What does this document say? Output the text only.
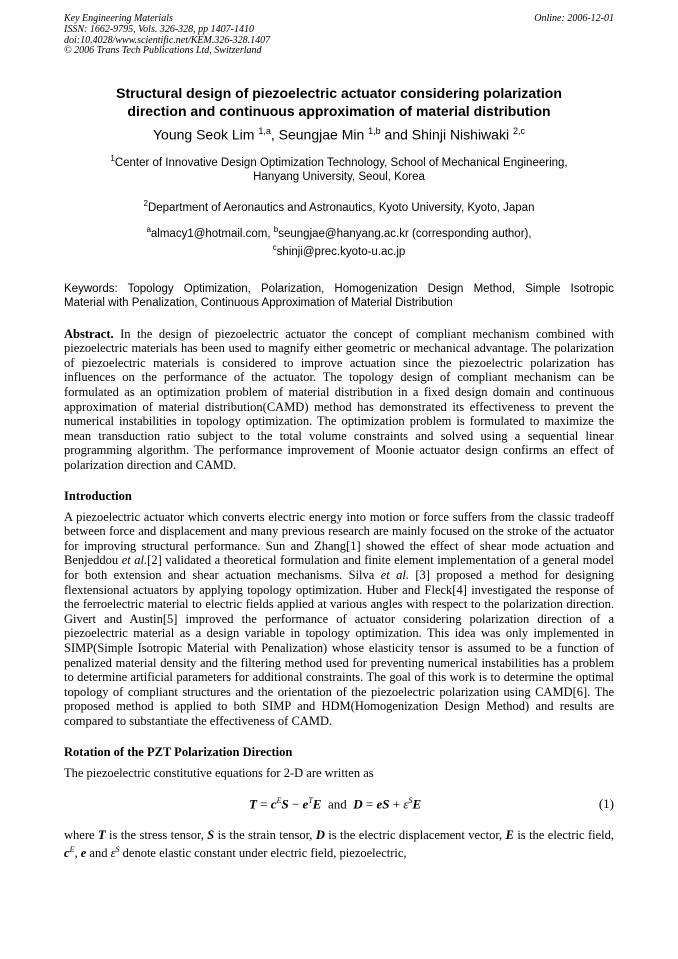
Key Engineering Materials
ISSN: 1662-9795, Vols. 326-328, pp 1407-1410
doi:10.4028/www.scientific.net/KEM.326-328.1407
© 2006 Trans Tech Publications Ltd, Switzerland
Online: 2006-12-01
Structural design of piezoelectric actuator considering polarization
direction and continuous approximation of material distribution
Young Seok Lim $^{1,a}$, Seungjae Min $^{1,b}$ and Shinji Nishiwaki $^{2,c}$
$^1$Center of Innovative Design Optimization Technology, School of Mechanical Engineering,
Hanyang University, Seoul, Korea
$^2$Department of Aeronautics and Astronautics, Kyoto University, Kyoto, Japan
$^a$almacy1@hotmail.com, $^b$seungjae@hanyang.ac.kr (corresponding author),
$^c$shinji@prec.kyoto-u.ac.jp
Keywords: Topology Optimization, Polarization, Homogenization Design Method, Simple Isotropic
Material with Penalization, Continuous Approximation of Material Distribution
Abstract. In the design of piezoelectric actuator the concept of compliant mechanism combined with piezoelectric materials has been used to magnify either geometric or mechanical advantage. The polarization of piezoelectric materials is considered to improve actuation since the piezoelectric polarization has influences on the performance of the actuator. The topology design of compliant mechanism can be formulated as an optimization problem of material distribution in a fixed design domain and continuous approximation of material distribution(CAMD) method has demonstrated its effectiveness to prevent the numerical instabilities in topology optimization. The optimization problem is formulated to maximize the mean transduction ratio subject to the total volume constraints and solved using a sequential linear programming algorithm. The performance improvement of Moonie actuator design confirms an effect of polarization direction and CAMD.
Introduction
A piezoelectric actuator which converts electric energy into motion or force suffers from the classic tradeoff between force and displacement and many previous research are mainly focused on the stroke of the actuator for improving structural performance. Sun and Zhang[1] showed the effect of shear mode actuation and Benjeddou et al.[2] validated a theoretical formulation and finite element implementation of a general model for both extension and shear actuation mechanisms. Silva et al. [3] proposed a method for designing flextensional actuators by applying topology optimization. Huber and Fleck[4] investigated the response of the ferroelectric material to electric fields applied at various angles with respect to the polarization direction. Givert and Austin[5] improved the performance of actuator considering polarization direction of a piezoelectric material as a design variable in topology optimization. This idea was only implemented in SIMP(Simple Isotropic Material with Penalization) whose elasticity tensor is assumed to be a function of penalized material density and the filtering method used for preventing numerical instabilities has a problem to determine artificial parameters for additional constraints. The goal of this work is to determine the optimal topology of compliant structures and the orientation of the piezoelectric polarization using CAMD[6]. The proposed method is applied to both SIMP and HDM(Homogenization Design Method) and results are compared to substantiate the effectiveness of CAMD.
Rotation of the PZT Polarization Direction
The piezoelectric constitutive equations for 2-D are written as
$T = c^ES - e^TE$  and  D = eS + $\varepsilon^SE$	(1)
where T is the stress tensor, S is the strain tensor, D is the electric displacement vector, E is the electric field, $c^E$, e and $\varepsilon^S$ denote elastic constant under electric field, piezoelectric,
